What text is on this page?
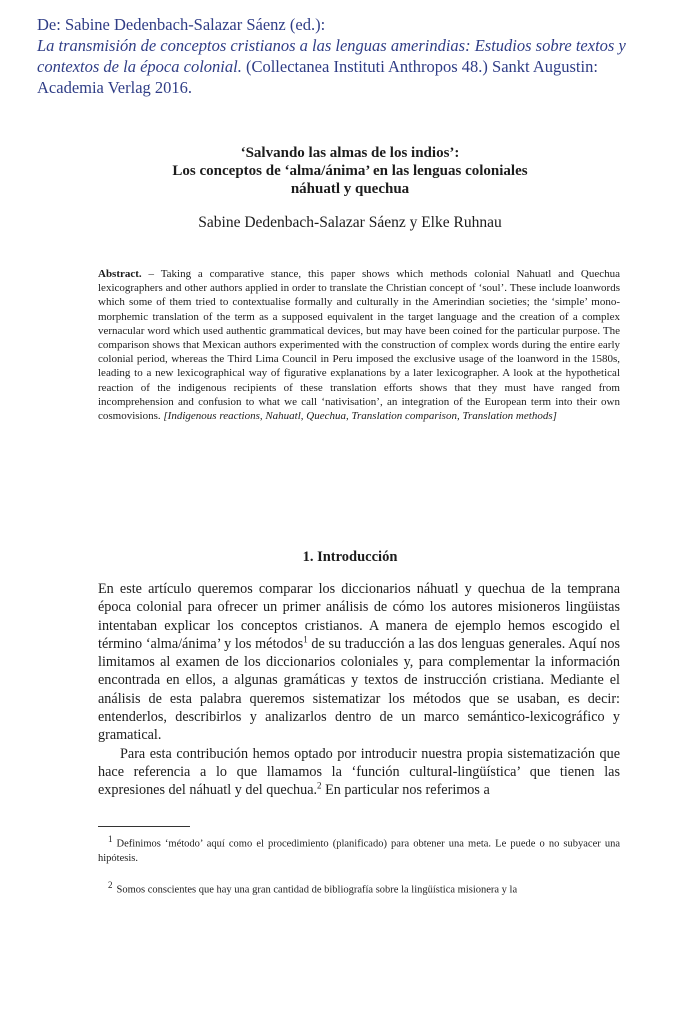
De: Sabine Dedenbach-Salazar Sáenz (ed.):
La transmisión de conceptos cristianos a las lenguas amerindias: Estudios sobre textos y contextos de la época colonial. (Collectanea Instituti Anthropos 48.) Sankt Augustin: Academia Verlag 2016.
‘Salvando las almas de los indios’:
Los conceptos de ‘alma/ánima’ en las lenguas coloniales
náhuatl y quechua
Sabine Dedenbach-Salazar Sáenz y Elke Ruhnau
Abstract. – Taking a comparative stance, this paper shows which methods colonial Nahuatl and Quechua lexicographers and other authors applied in order to translate the Christian concept of ‘soul’. These include loanwords which some of them tried to contextualise formally and culturally in the Amerindian societies; the ‘simple’ mono-morphemic translation of the term as a supposed equivalent in the target language and the creation of a complex vernacular word which used authentic grammatical devices, but may have been coined for the particular purpose. The comparison shows that Mexican authors experimented with the construction of complex words during the entire early colonial period, whereas the Third Lima Council in Peru imposed the exclusive usage of the loanword in the 1580s, leading to a new lexicographical way of figurative explanations by a later lexicographer. A look at the hypothetical reaction of the indigenous recipients of these translation efforts shows that they must have ranged from incomprehension and confusion to what we call ‘nativisation’, an integration of the European term into their own cosmovisions. [Indigenous reactions, Nahuatl, Quechua, Translation comparison, Translation methods]
1. Introducción

En este artículo queremos comparar los diccionarios náhuatl y quechua de la temprana época colonial para ofrecer un primer análisis de cómo los autores misioneros lingüistas intentaban explicar los conceptos cristianos. A manera de ejemplo hemos escogido el término ‘alma/ánima’ y los métodos$^1$ de su traducción a las dos lenguas generales. Aquí nos limitamos al examen de los diccionarios coloniales y, para complementar la información encontrada en ellos, a algunas gramáticas y textos de instrucción cristiana. Mediante el análisis de esta palabra queremos sistematizar los métodos que se usaban, es decir: entenderlos, describirlos y analizarlos dentro de un marco semántico-lexicográfico y gramatical.

Para esta contribución hemos optado por introducir nuestra propia sistematización que hace referencia a lo que llamamos la ‘función cultural-lingüística’ que tienen las expresiones del náhuatl y del quechua.$^2$ En particular nos referimos a

1 Definimos ‘método’ aquí como el procedimiento (planificado) para obtener una meta. Le puede o no subyacer una hipótesis.
2 Somos conscientes que hay una gran cantidad de bibliografía sobre la lingüística misionera y la
